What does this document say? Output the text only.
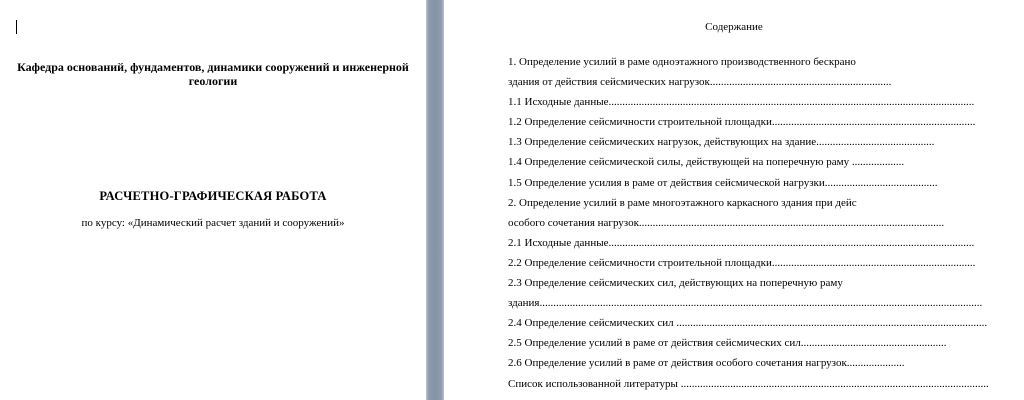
Кафедра оснований, фундаментов, динамики сооружений и инженерной геологии
РАСЧЕТНО-ГРАФИЧЕСКАЯ РАБОТА
по курсу: «Динамический расчет зданий и сооружений»
Содержание
1. Определение усилий в раме одноэтажного производственного бескрано
здания от действия сейсмических нагрузок..................................................................
1.1 Исходные данные.....................................................................................................................................
1.2 Определение сейсмичности строительной площадки..........................................................................
1.3 Определение сейсмических нагрузок, действующих на здание...........................................
1.4 Определение сейсмической силы, действующей на поперечную раму ...................
1.5 Определение усилия в раме от действия сейсмической нагрузки.........................................
2. Определение усилий в раме многоэтажного каркасного здания при дейс
особого сочетания нагрузок...............................................................................................................
2.1 Исходные данные.....................................................................................................................................
2.2 Определение сейсмичности строительной площадки..........................................................................
2.3 Определение сейсмических сил, действующих на поперечную раму
здания.................................................................................................................................................................
2.4 Определение сейсмических сил .................................................................................................................
2.5 Определение усилий в раме от действия сейсмических сил.....................................................
2.6 Определение усилий в раме от действия особого сочетания нагрузок.....................
Список использованной литературы ................................................................................................................
